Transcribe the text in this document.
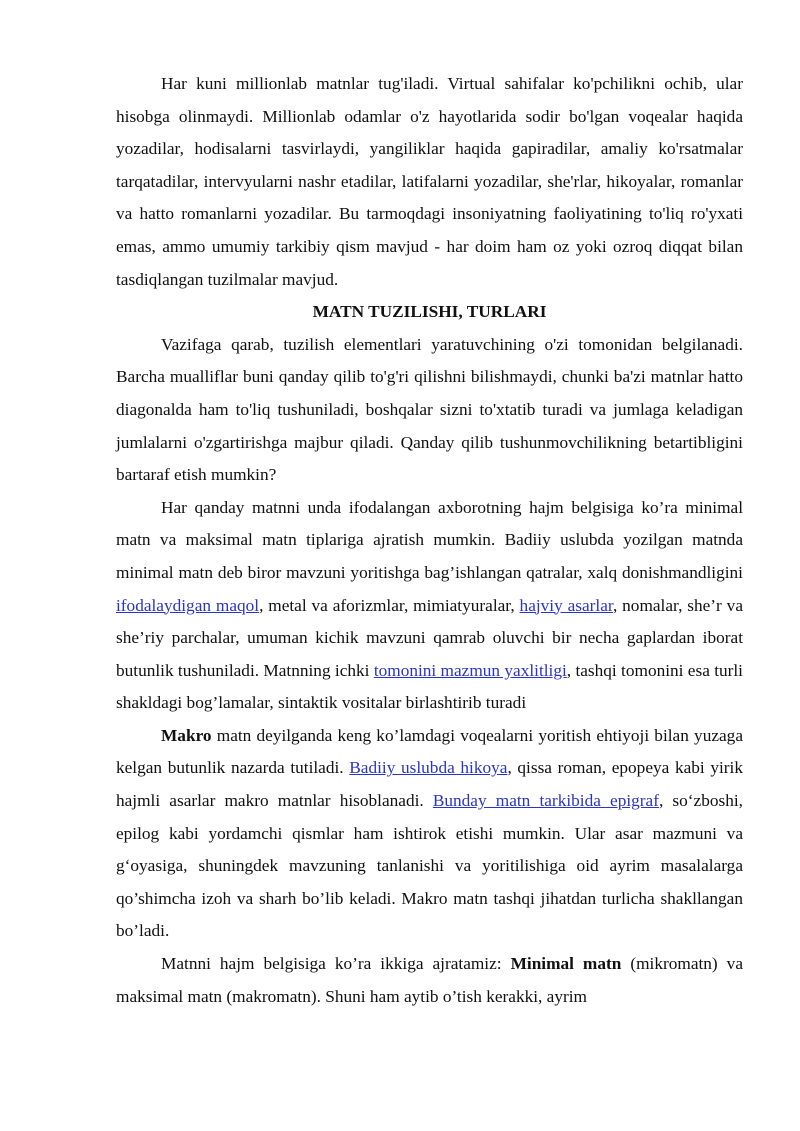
Har kuni millionlab matnlar tug'iladi. Virtual sahifalar ko'pchilikni ochib, ular hisobga olinmaydi. Millionlab odamlar o'z hayotlarida sodir bo'lgan voqealar haqida yozadilar, hodisalarni tasvirlaydi, yangiliklar haqida gapiradilar, amaliy ko'rsatmalar tarqatadilar, intervyularni nashr etadilar, latifalarni yozadilar, she'rlar, hikoyalar, romanlar va hatto romanlarni yozadilar. Bu tarmoqdagi insoniyatning faoliyatining to'liq ro'yxati emas, ammo umumiy tarkibiy qism mavjud - har doim ham oz yoki ozroq diqqat bilan tasdiqlangan tuzilmalar mavjud.

MATN TUZILISHI, TURLARI

Vazifaga qarab, tuzilish elementlari yaratuvchining o'zi tomonidan belgilanadi. Barcha mualliflar buni qanday qilib to'g'ri qilishni bilishmaydi, chunki ba'zi matnlar hatto diagonalda ham to'liq tushuniladi, boshqalar sizni to'xtatib turadi va jumlaga keladigan jumlalarni o'zgartirishga majbur qiladi. Qanday qilib tushunmovchilikning betartibligini bartaraf etish mumkin?

Har qanday matnni unda ifodalangan axborotning hajm belgisiga ko’ra minimal matn va maksimal matn tiplariga ajratish mumkin. Badiiy uslubda yozilgan matnda minimal matn deb biror mavzuni yoritishga bag’ishlangan qatralar, xalq donishmandligini ifodalaydigan maqol, metal va aforizmlar, mimiatyuralar, hajviy asarlar, nomalar, she’r va she’riy parchalar, umuman kichik mavzuni qamrab oluvchi bir necha gaplardan iborat butunlik tushuniladi. Matnning ichki tomonini mazmun yaxlitligi, tashqi tomonini esa turli shakldagi bog’lamalar, sintaktik vositalar birlashtirib turadi

Makro matn deyilganda keng ko’lamdagi voqealarni yoritish ehtiyoji bilan yuzaga kelgan butunlik nazarda tutiladi. Badiiy uslubda hikoya, qissa roman, epopeya kabi yirik hajmli asarlar makro matnlar hisoblanadi. Bunday matn tarkibida epigraf, so‘zboshi, epilog kabi yordamchi qismlar ham ishtirok etishi mumkin. Ular asar mazmuni va g‘oyasiga, shuningdek mavzuning tanlanishi va yoritilishiga oid ayrim masalalarga qo’shimcha izoh va sharh bo’lib keladi. Makro matn tashqi jihatdan turlicha shakllangan bo’ladi.

Matnni hajm belgisiga ko’ra ikkiga ajratamiz: Minimal matn (mikromatn) va maksimal matn (makromatn). Shuni ham aytib o’tish kerakki, ayrim
